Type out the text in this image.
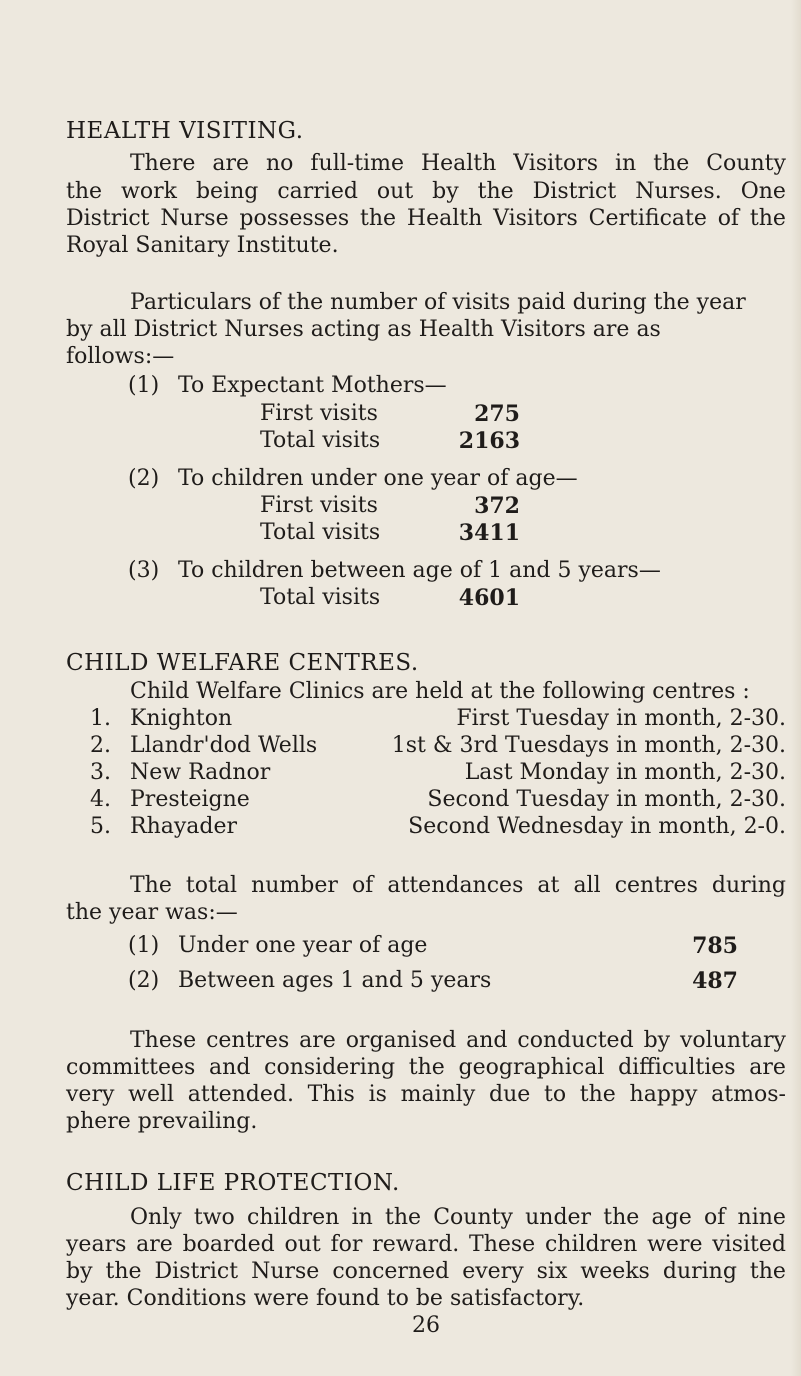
HEALTH VISITING.
There are no full-time Health Visitors in the County
the work being carried out by the District Nurses. One
District Nurse possesses the Health Visitors Certificate of the
Royal Sanitary Institute.
Particulars of the number of visits paid during the year
by all District Nurses acting as Health Visitors are as
follows:—
(1) To Expectant Mothers—
First visits	275
Total visits	2163
(2) To children under one year of age—
First visits	372
Total visits	3411
(3) To children between age of 1 and 5 years—
Total visits	4601
CHILD WELFARE CENTRES.
Child Welfare Clinics are held at the following centres :
1. Knighton	First Tuesday in month, 2-30.
2. Llandr'dod Wells	1st & 3rd Tuesdays in month, 2-30.
3. New Radnor	Last Monday in month, 2-30.
4. Presteigne	Second Tuesday in month, 2-30.
5. Rhayader	Second Wednesday in month, 2-0.
The total number of attendances at all centres during
the year was:—
(1) Under one year of age	785
(2) Between ages 1 and 5 years	487
These centres are organised and conducted by voluntary
committees and considering the geographical difficulties are
very well attended. This is mainly due to the happy atmos-
phere prevailing.
CHILD LIFE PROTECTION.
Only two children in the County under the age of nine
years are boarded out for reward. These children were visited
by the District Nurse concerned every six weeks during the
year. Conditions were found to be satisfactory.
26
